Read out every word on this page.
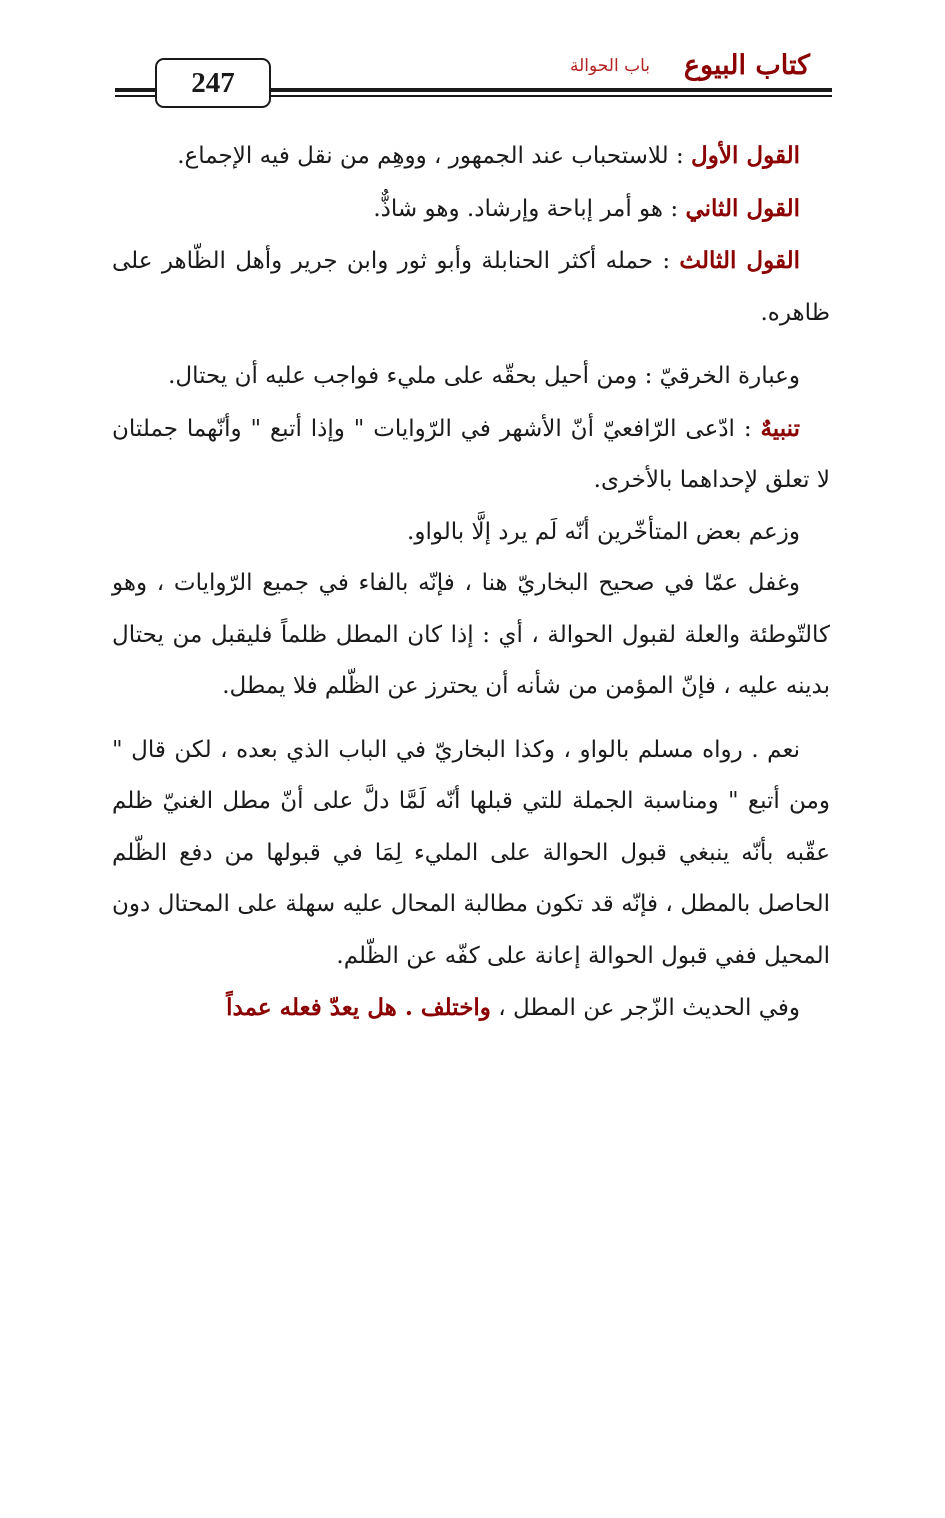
247
كتاب البيوع
باب الحوالة

القول الأول : للاستحباب عند الجمهور ، ووهِم من نقل فيه الإجماع.

القول الثاني : هو أمر إباحة وإرشاد. وهو شاذٌّ.

القول الثالث : حمله أكثر الحنابلة وأبو ثور وابن جرير وأهل الظّاهر على ظاهره.

وعبارة الخرقيّ : ومن أحيل بحقّه على مليء فواجب عليه أن يحتال.

تنبيهٌ : ادّعى الرّافعيّ أنّ الأشهر في الرّوايات " وإذا أتبع " وأنّهما جملتان لا تعلق لإحداهما بالأخرى.

وزعم بعض المتأخّرين أنّه لَم يرد إلَّا بالواو.

وغفل عمّا في صحيح البخاريّ هنا ، فإنّه بالفاء في جميع الرّوايات ، وهو كالتّوطئة والعلة لقبول الحوالة ، أي : إذا كان المطل ظلماً فليقبل من يحتال بدينه عليه ، فإنّ المؤمن من شأنه أن يحترز عن الظّلم فلا يمطل.

نعم . رواه مسلم بالواو ، وكذا البخاريّ في الباب الذي بعده ، لكن قال " ومن أتبع " ومناسبة الجملة للتي قبلها أنّه لَمَّا دلَّ على أنّ مطل الغنيّ ظلم عقّبه بأنّه ينبغي قبول الحوالة على المليء لِمَا في قبولها من دفع الظّلم الحاصل بالمطل ، فإنّه قد تكون مطالبة المحال عليه سهلة على المحتال دون المحيل ففي قبول الحوالة إعانة على كفّه عن الظّلم.

وفي الحديث الزّجر عن المطل ، واختلف . هل يعدّ فعله عمداً
